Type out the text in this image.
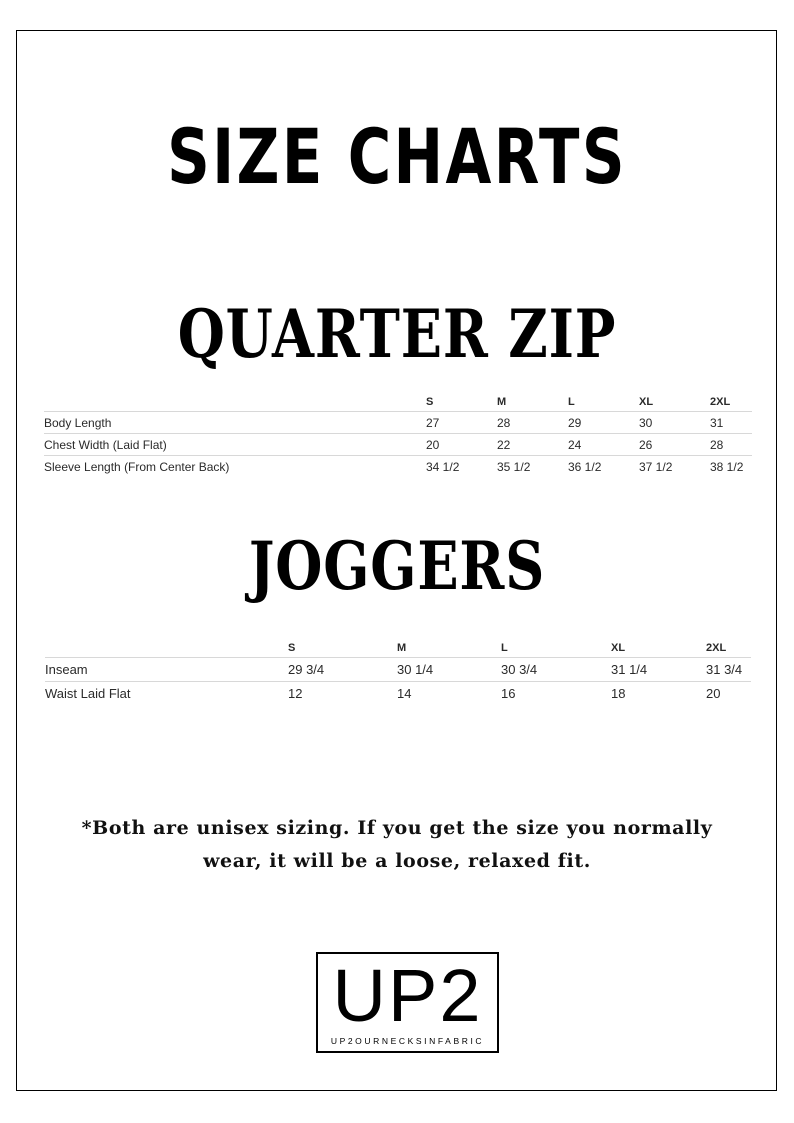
SIZE CHARTS
QUARTER ZIP
	S	M	L	XL	2XL
Body Length	27	28	29	30	31
Chest Width (Laid Flat)	20	22	24	26	28
Sleeve Length (From Center Back)	34 1/2	35 1/2	36 1/2	37 1/2	38 1/2
JOGGERS
	S	M	L	XL	2XL
Inseam	29 3/4	30 1/4	30 3/4	31 1/4	31 3/4
Waist Laid Flat	12	14	16	18	20
*Both are unisex sizing. If you get the size you normally
wear, it will be a loose, relaxed fit.
UP2
UP2OURNECKSINFABRIC
